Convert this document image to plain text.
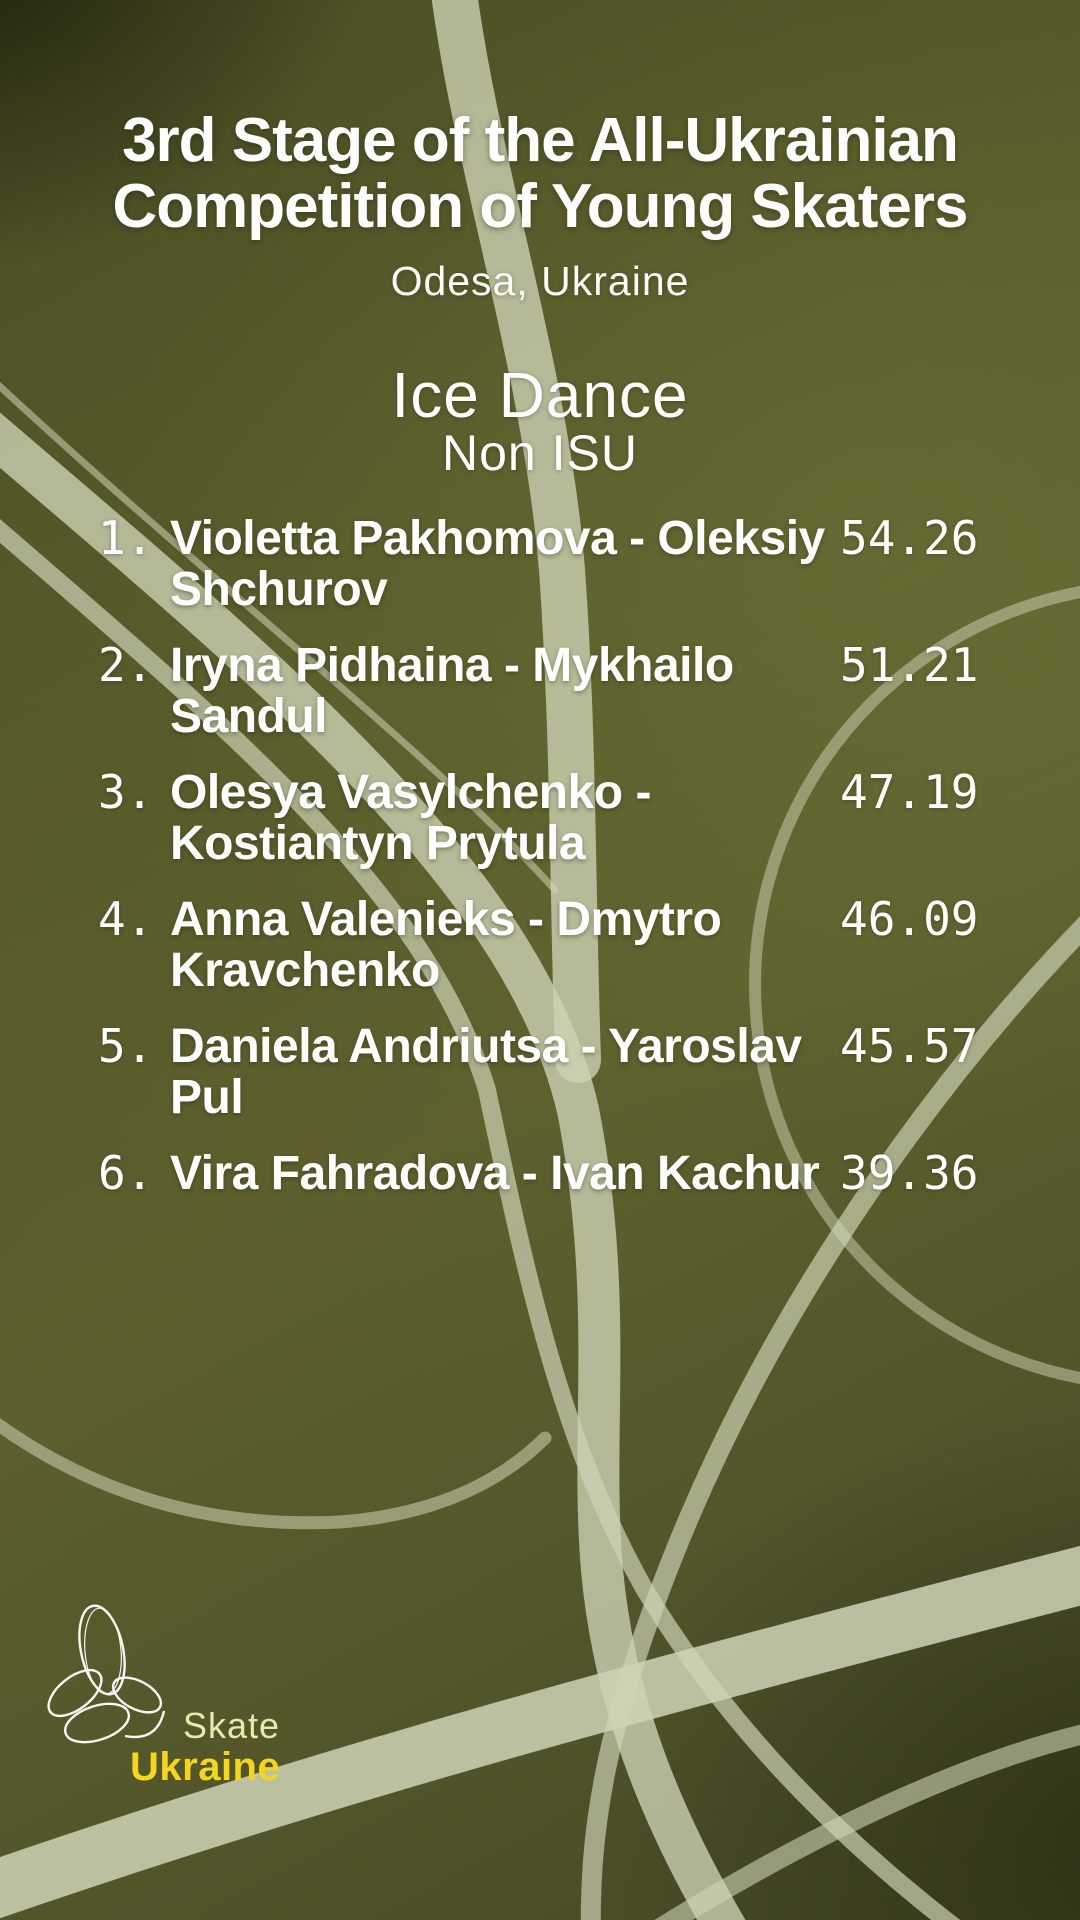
3rd Stage of the All-Ukrainian
Competition of Young Skaters
Odesa, Ukraine
Ice Dance
Non ISU
1. Violetta Pakhomova - Oleksiy Shchurov
54.26
2. Iryna Pidhaina - Mykhailo Sandul
51.21
3. Olesya Vasylchenko - Kostiantyn Prytula
47.19
4. Anna Valenieks - Dmytro Kravchenko
46.09
5. Daniela Andriutsa - Yaroslav Pul
45.57
6. Vira Fahradova - Ivan Kachur 39.36
Skate
Ukraine
